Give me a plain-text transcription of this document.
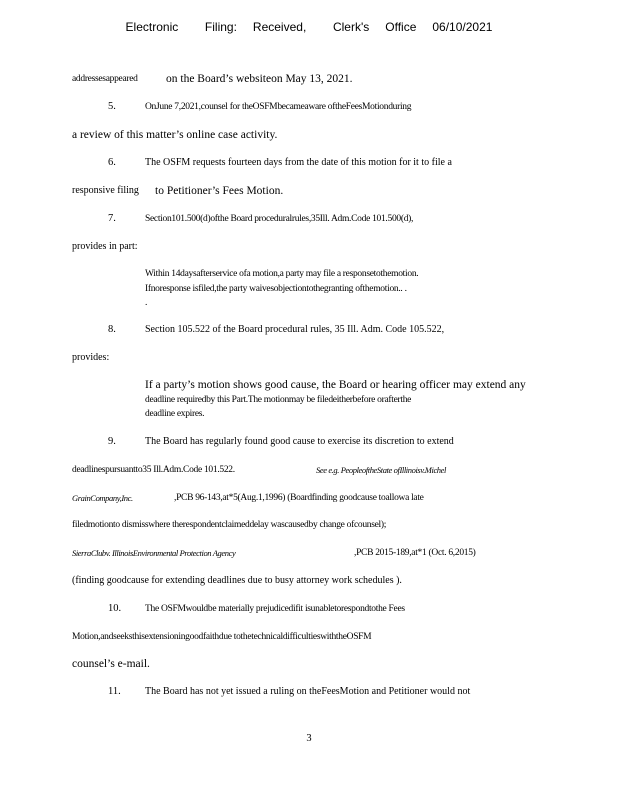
Electronic     Filing:   Received,     Clerk's   Office   06/10/2021
addressesappeared on the Board’s websiteon May 13, 2021.
5.	OnJune 7,2021,counsel for theOSFMbecameaware oftheFeesMotionduring
a review of this matter’s online case activity.
6.	The OSFM requests fourteen days from the date of this motion for it to file a
responsive filing to Petitioner’s Fees Motion.
7.	Section101.500(d)ofthe Board proceduralrules,35Ill. Adm.Code 101.500(d),
provides in part:
Within 14daysafterservice ofa motion,a party may file a responsetothemotion.
Ifnoresponse isfiled,the party waivesobjectiontothegranting ofthemotion.. .
.
8.	Section 105.522 of the Board procedural rules, 35 Ill. Adm. Code 105.522,
provides:
If a party’s motion shows good cause, the Board or hearing officer may extend any
deadline requiredby this Part.The motionmay be filedeitherbefore orafterthe
deadline expires.
9.	The Board has regularly found good cause to exercise its discretion to extend
deadlinespursuantto35 Ill.Adm.Code 101.522.	See e.g. PeopleoftheState ofIllinoisv.Michel
GrainCompany,Inc.	,PCB 96-143,at*5(Aug.1,1996) (Boardfinding goodcause toallowa late
filedmotionto dismisswhere therespondentclaimeddelay wascausedby change ofcounsel);
SierraClubv. IllinoisEnvironmental Protection Agency	,PCB 2015-189,at*1 (Oct. 6,2015)
(finding goodcause for extending deadlines due to busy attorney work schedules ).
10.	The OSFMwouldbe materially prejudicedifit isunabletorespondtothe Fees
Motion,andseeksthisextensioningoodfaithdue tothetechnicaldifficultieswiththeOSFM
counsel’s e-mail.
11. The Board has not yet issued a ruling on theFeesMotion and Petitioner would not
3
